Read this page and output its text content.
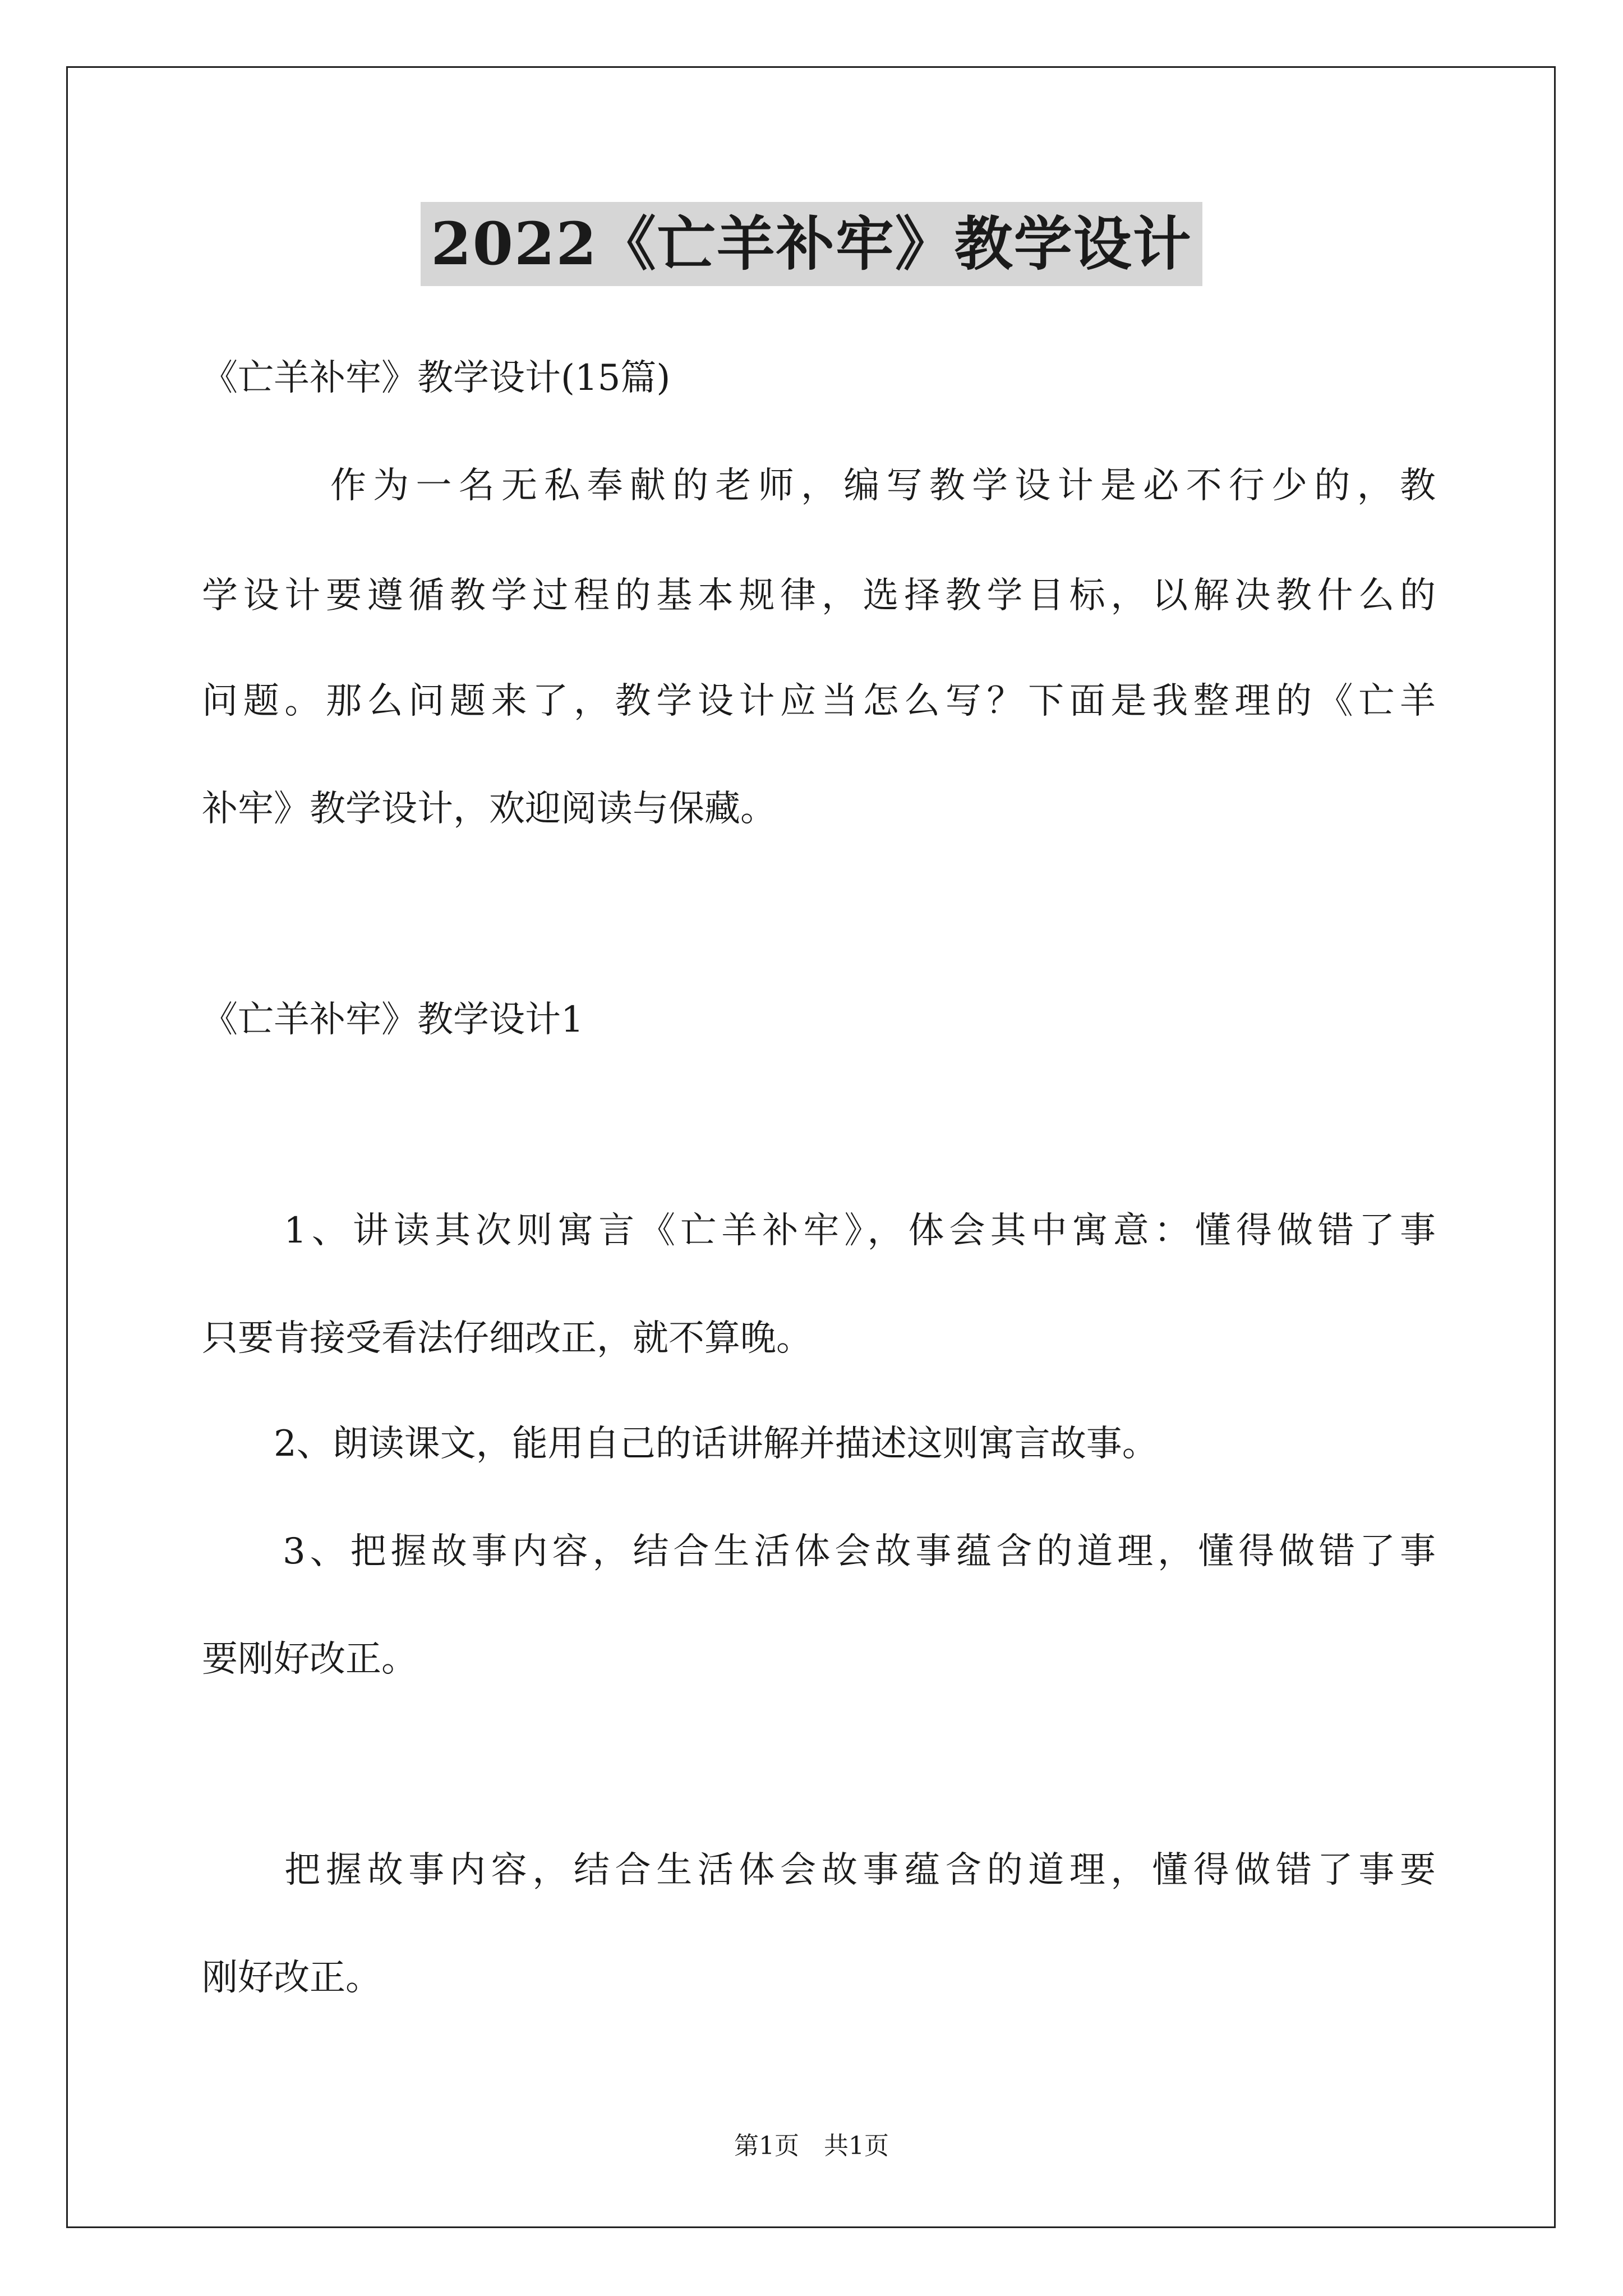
2022《亡羊补牢》教学设计

《亡羊补牢》教学设计(15篇)

　　　作为一名无私奉献的老师，编写教学设计是必不行少的，教

学设计要遵循教学过程的基本规律，选择教学目标，以解决教什么的

问题。那么问题来了，教学设计应当怎么写？下面是我整理的《亡羊

补牢》教学设计，欢迎阅读与保藏。

《亡羊补牢》教学设计1

　　1、讲读其次则寓言《亡羊补牢》，体会其中寓意：懂得做错了事

只要肯接受看法仔细改正，就不算晚。

　　2、朗读课文，能用自己的话讲解并描述这则寓言故事。

　　3、把握故事内容，结合生活体会故事蕴含的道理，懂得做错了事

要刚好改正。

　　把握故事内容，结合生活体会故事蕴含的道理，懂得做错了事要

刚好改正。

第1页　共1页
